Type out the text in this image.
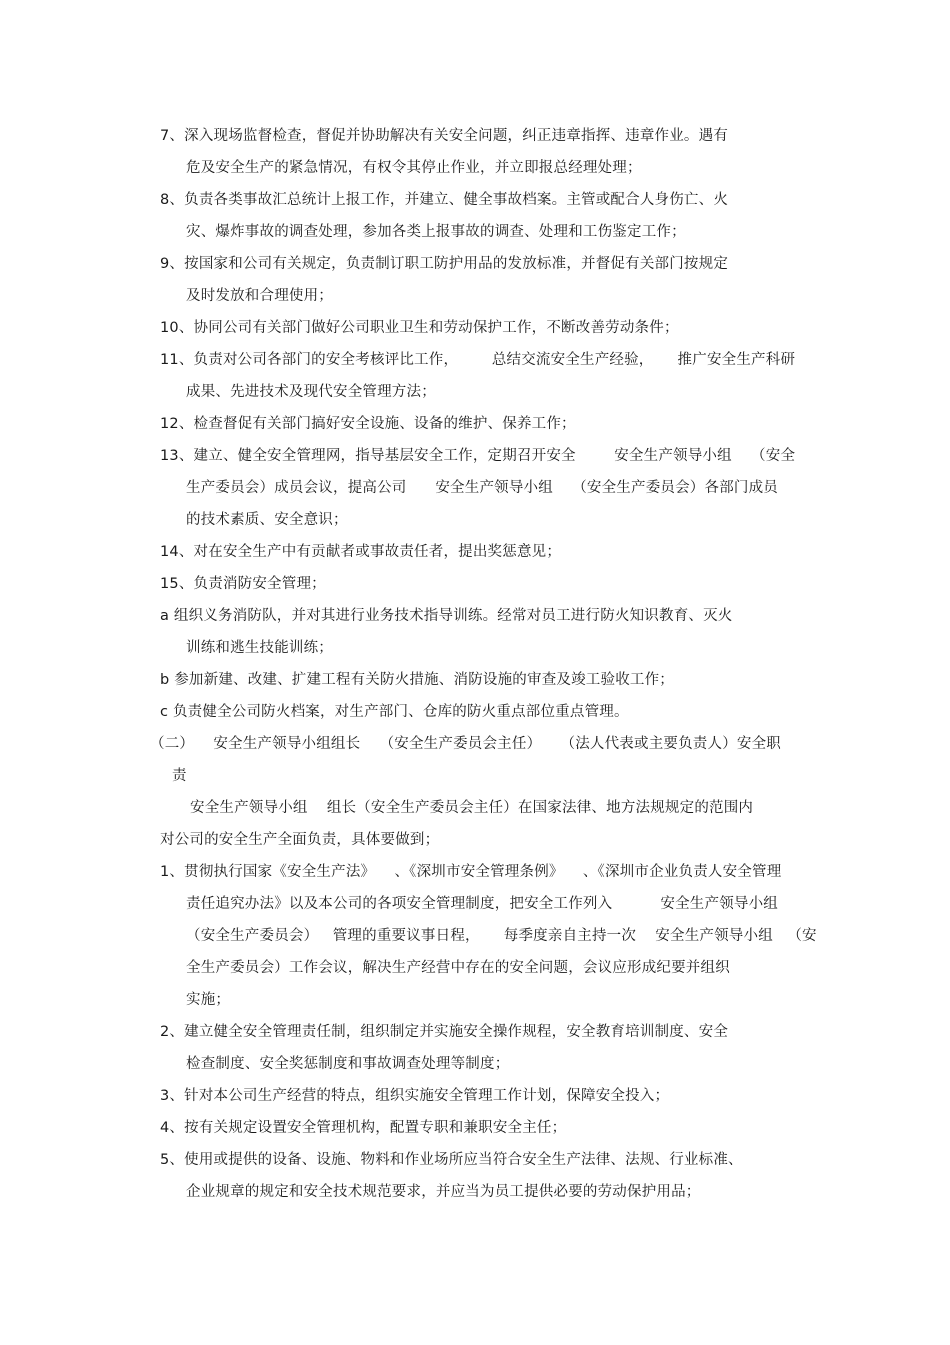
7、深入现场监督检查，督促并协助解决有关安全问题，纠正违章指挥、违章作业。遇有
危及安全生产的紧急情况，有权令其停止作业，并立即报总经理处理；
8、负责各类事故汇总统计上报工作，并建立、健全事故档案。主管或配合人身伤亡、火
灾、爆炸事故的调查处理，参加各类上报事故的调查、处理和工伤鉴定工作；
9、按国家和公司有关规定，负责制订职工防护用品的发放标准，并督促有关部门按规定
及时发放和合理使用；
10、协同公司有关部门做好公司职业卫生和劳动保护工作，不断改善劳动条件；
11、负责对公司各部门的安全考核评比工作，       总结交流安全生产经验，     推广安全生产科研
成果、先进技术及现代安全管理方法；
12、检查督促有关部门搞好安全设施、设备的维护、保养工作；
13、建立、健全安全管理网，指导基层安全工作，定期召开安全        安全生产领导小组    （安全
生产委员会）成员会议，提高公司      安全生产领导小组    （安全生产委员会）各部门成员
的技术素质、安全意识；
14、对在安全生产中有贡献者或事故责任者，提出奖惩意见；
15、负责消防安全管理；
a 组织义务消防队，并对其进行业务技术指导训练。经常对员工进行防火知识教育、灭火
训练和逃生技能训练；
b 参加新建、改建、扩建工程有关防火措施、消防设施的审查及竣工验收工作；
c 负责健全公司防火档案，对生产部门、仓库的防火重点部位重点管理。
（二）    安全生产领导小组组长    （安全生产委员会主任）    （法人代表或主要负责人）安全职
责
安全生产领导小组    组长（安全生产委员会主任）在国家法律、地方法规规定的范围内
对公司的安全生产全面负责，具体要做到；
1、贯彻执行国家《安全生产法》    、《深圳市安全管理条例》    、《深圳市企业负责人安全管理
责任追究办法》以及本公司的各项安全管理制度，把安全工作列入          安全生产领导小组
（安全生产委员会）   管理的重要议事日程，     每季度亲自主持一次    安全生产领导小组   （安
全生产委员会）工作会议，解决生产经营中存在的安全问题，会议应形成纪要并组织
实施；
2、建立健全安全管理责任制，组织制定并实施安全操作规程，安全教育培训制度、安全
检查制度、安全奖惩制度和事故调查处理等制度；
3、针对本公司生产经营的特点，组织实施安全管理工作计划，保障安全投入；
4、按有关规定设置安全管理机构，配置专职和兼职安全主任；
5、使用或提供的设备、设施、物料和作业场所应当符合安全生产法律、法规、行业标准、
企业规章的规定和安全技术规范要求，并应当为员工提供必要的劳动保护用品；
